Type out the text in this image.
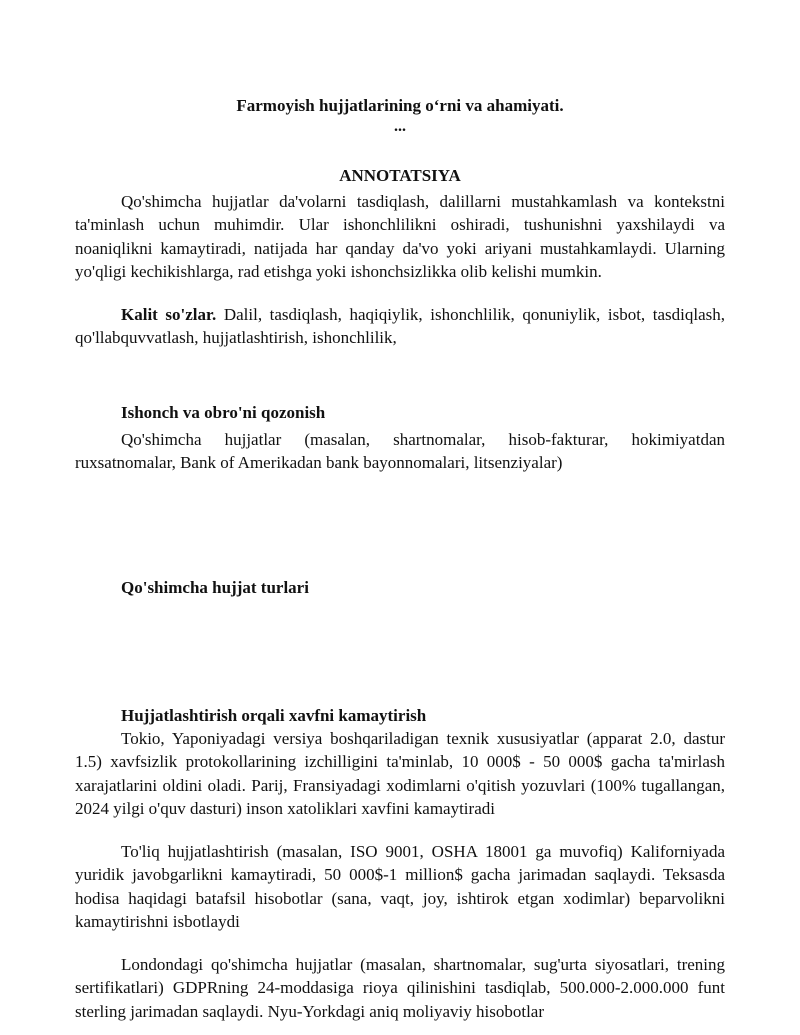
Farmoyish hujjatlarining o‘rni va ahamiyati.
...
ANNOTATSIYA

Qo'shimcha hujjatlar da'volarni tasdiqlash, dalillarni mustahkamlash va kontekstni ta'minlash uchun muhimdir. Ular ishonchlilikni oshiradi, tushunishni yaxshilaydi va noaniqlikni kamaytiradi, natijada har qanday da'vo yoki ariyani mustahkamlaydi. Ularning yo'qligi kechikishlarga, rad etishga yoki ishonchsizlikka olib kelishi mumkin.

Kalit so'zlar. Dalil, tasdiqlash, haqiqiylik, ishonchlilik, qonuniylik, isbot, tasdiqlash, qo'llabquvvatlash, hujjatlashtirish, ishonchlilik,

Ishonch va obro'ni qozonish

Qo'shimcha hujjatlar (masalan, shartnomalar, hisob-fakturar, hokimiyatdan ruxsatnomalar, Bank of Amerikadan bank bayonnomalari, litsenziyalar)

Qo'shimcha hujjat turlari
Hujjatlashtirish orqali xavfni kamaytirish

Tokio, Yaponiyadagi versiya boshqariladigan texnik xususiyatlar (apparat 2.0, dastur 1.5) xavfsizlik protokollarining izchilligini ta'minlab, 10 000$ - 50 000$ gacha ta'mirlash xarajatlarini oldini oladi. Parij, Fransiyadagi xodimlarni o'qitish yozuvlari (100% tugallangan, 2024 yilgi o'quv dasturi) inson xatoliklari xavfini kamaytiradi

To'liq hujjatlashtirish (masalan, ISO 9001, OSHA 18001 ga muvofiq) Kaliforniyada yuridik javobgarlikni kamaytiradi, 50 000$-1 million$ gacha jarimadan saqlaydi. Teksasda hodisa haqidagi batafsil hisobotlar (sana, vaqt, joy, ishtirok etgan xodimlar) beparvolikni kamaytirishni isbotlaydi

Londondagi qo'shimcha hujjatlar (masalan, shartnomalar, sug'urta siyosatlari, trening sertifikatlari) GDPRning 24-moddasiga rioya qilinishini tasdiqlab, 500.000-2.000.000 funt sterling jarimadan saqlaydi. Nyu-Yorkdagi aniq moliyaviy hisobotlar
